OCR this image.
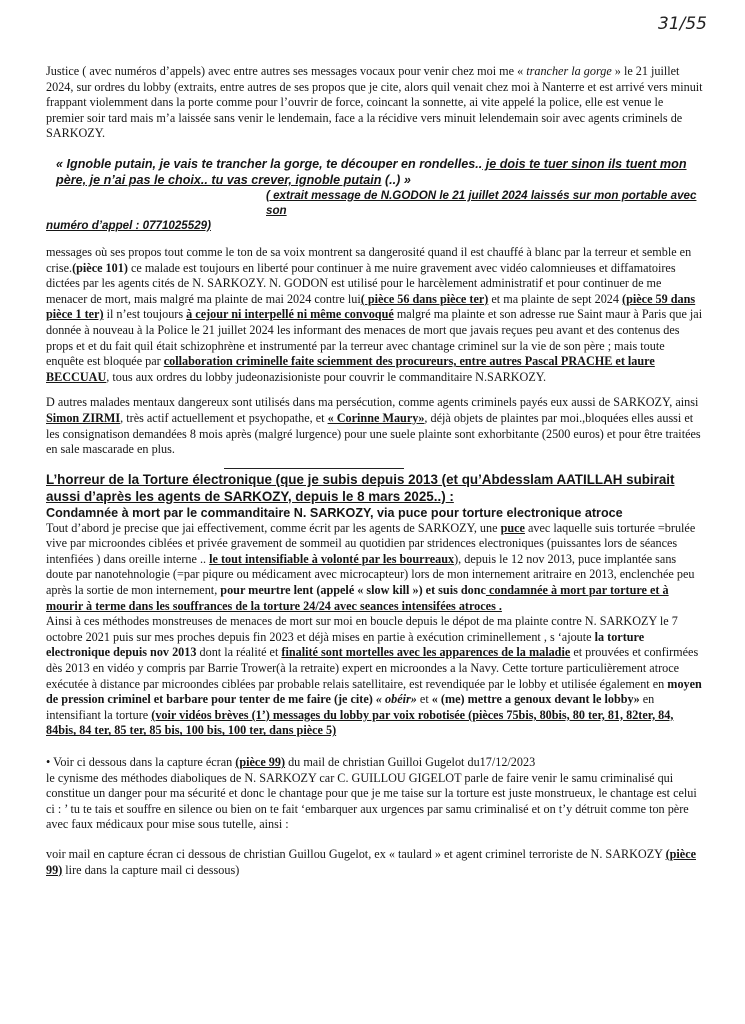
31/55

Justice ( avec numéros d’appels) avec entre autres ses messages vocaux pour venir chez moi me « trancher la gorge » le 21 juillet 2024, sur ordres du lobby (extraits, entre autres de ses propos que je cite, alors quil venait chez moi à Nanterre et est arrivé vers minuit frappant violemment dans la porte comme pour l’ouvrir de force, coincant la sonnette, ai vite appelé la police, elle est venue le premier soir tard mais m’a laissée sans venir le lendemain, face a la récidive vers minuit lelendemain soir avec agents criminels de SARKOZY.

« Ignoble putain, je vais te trancher la gorge, te découper en rondelles.. je dois te tuer sinon ils tuent mon père, je n’ai pas le choix.. tu vas crever, ignoble putain (..) »

( extrait message de N.GODON le 21 juillet 2024 laissés sur mon portable avec son
numéro d’appel : 0771025529)

messages où ses propos tout comme le ton de sa voix montrent sa dangerosité quand il est chauffé à blanc par la terreur et semble en crise.(pièce 101) ce malade est toujours en liberté pour continuer à me nuire gravement avec vidéo calomnieuses et diffamatoires dictées par les agents cités de N. SARKOZY. N. GODON est utilisé pour le harcèlement administratif et pour continuer de me menacer de mort, mais malgré ma plainte de mai 2024 contre lui( pièce 56 dans pièce ter) et ma plainte de sept 2024 (pièce 59 dans pièce 1 ter) il n’est toujours à cejour ni interpellé ni même convoqué malgré ma plainte et son adresse rue Saint maur à Paris que jai donnée à nouveau à la Police le 21 juillet 2024 les informant des menaces de mort que javais reçues peu avant et des contenus des props et et du fait quil était schizophrène et instrumenté par la terreur avec chantage criminel sur la vie de son père ; mais toute enquête est bloquée par collaboration criminelle faite sciemment des procureurs, entre autres Pascal PRACHE et laure BECCUAU, tous aux ordres du lobby judeonazisioniste pour couvrir le commanditaire N.SARKOZY.

D autres malades mentaux dangereux sont utilisés dans ma persécution, comme agents criminels payés eux aussi de SARKOZY, ainsi Simon ZIRMI, très actif actuellement et psychopathe, et « Corinne Maury», déjà objets de plaintes par moi.,bloquées elles aussi et les consignatison demandées 8 mois après (malgré lurgence) pour une suele plainte sont exhorbitante (2500 euros) et pour être traitées en sale mascarade en plus.

L’horreur de la Torture électronique (que je subis depuis 2013 (et qu’Abdesslam AATILLAH subirait aussi d’après les agents de SARKOZY, depuis le 8 mars 2025..) :

Condamnée à mort par le commanditaire N. SARKOZY, via puce pour torture electronique atroce

Tout d’abord je precise que jai effectivement, comme écrit par les agents de SARKOZY, une puce avec laquelle suis torturée =brulée vive par microondes ciblées et privée gravement de sommeil au quotidien par stridences electroniques (puissantes lors de séances intenfiées ) dans oreille interne .. le tout intensifiable à volonté par les bourreaux), depuis le 12 nov 2013, puce implantée sans doute par nanotehnologie (=par piqure ou médicament avec microcapteur) lors de mon internement aritraire en 2013, enclenchée peu après la sortie de mon internement, pour meurtre lent (appelé « slow kill ») et suis donc condamnée à mort par torture et à mourir à terme dans les souffrances de la torture 24/24 avec seances intensifées atroces .

Ainsi à ces méthodes monstreuses de menaces de mort sur moi en boucle depuis le dépot de ma plainte contre N. SARKOZY le 7 octobre 2021 puis sur mes proches depuis fin 2023 et déjà mises en partie à exécution criminellement , s ‘ajoute la torture electronique depuis nov 2013 dont la réalité et finalité sont mortelles avec les apparences de la maladie et prouvées et confirmées dès 2013 en vidéo y compris par Barrie Trower(à la retraite) expert en microondes a la Navy. Cette torture particulièrement atroce exécutée à distance par microondes ciblées par probable relais satellitaire, est revendiquée par le lobby et utilisée également en moyen de pression criminel et barbare pour tenter de me faire (je cite) « obéir» et « (me) mettre a genoux devant le lobby» en intensifiant la torture (voir vidéos brèves (1’) messages du lobby par voix robotisée (pièces 75bis, 80bis, 80 ter, 81, 82ter, 84, 84bis, 84 ter, 85 ter, 85 bis, 100 bis, 100 ter, dans pièce 5)

• Voir ci dessous dans la capture écran (pièce 99) du mail de christian Guilloi Gugelot du17/12/2023
le cynisme des méthodes diaboliques de N. SARKOZY car C. GUILLOU GIGELOT parle de faire venir le samu criminalisé qui constitue un danger pour ma sécurité et donc le chantage pour que je me taise sur la torture est juste monstrueux, le chantage est celui ci : ’ tu te tais et souffre en silence ou bien on te fait ‘embarquer aux urgences par samu criminalisé et on t’y détruit comme ton père avec faux médicaux pour mise sous tutelle, ainsi :

voir mail en capture écran ci dessous de christian Guillou Gugelot, ex « taulard » et agent criminel terroriste de N. SARKOZY (pièce 99) lire dans la capture mail ci dessous)
